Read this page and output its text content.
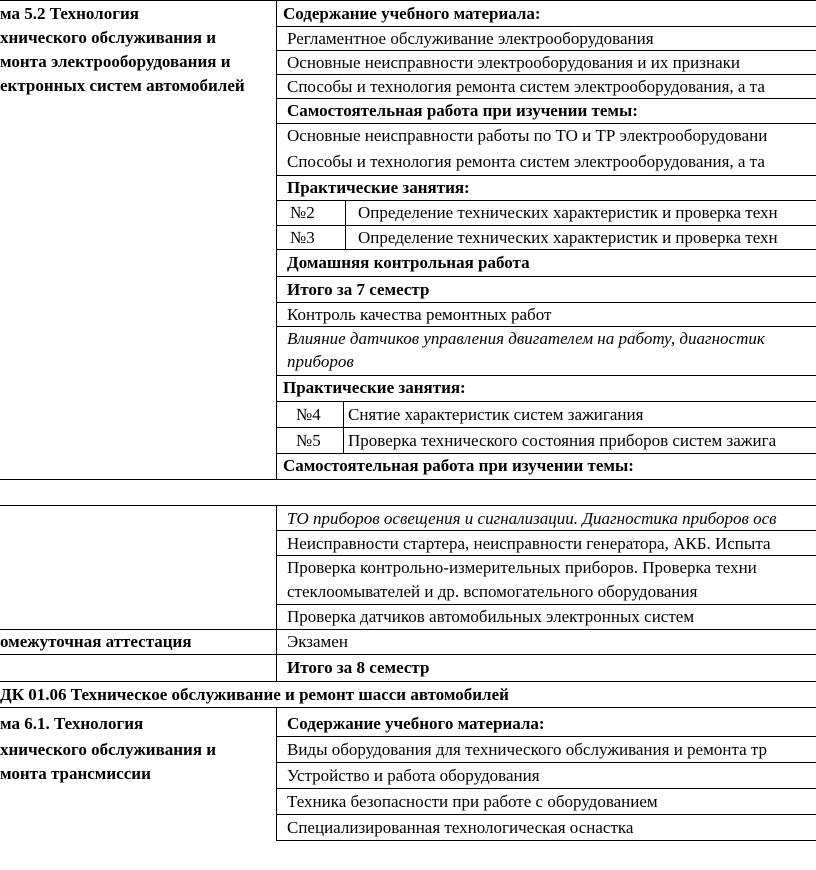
ма 5.2 Технология
хнического обслуживания и
монта электрооборудования и
ектронных систем автомобилей
Содержание учебного материала:
Регламентное обслуживание электрооборудования
Основные неисправности электрооборудования и их признаки
Способы и технология ремонта систем электрооборудования, а та
Самостоятельная работа при изучении темы:
Основные неисправности работы по ТО и ТР электрооборудовани
Способы и технология ремонта систем электрооборудования, а та
Практические занятия:
№2	Определение технических характеристик и проверка техн
№3	Определение технических характеристик и проверка техн
Домашняя контрольная работа
Итого за 7 семестр
Контроль качества ремонтных работ
Влияние датчиков управления двигателем на работу, диагностик
приборов
Практические занятия:
№4 Снятие характеристик систем зажигания
№5 Проверка технического состояния приборов систем зажига
Самостоятельная работа при изучении темы:
ТО приборов освещения и сигнализации. Диагностика приборов осв
Неисправности стартера, неисправности генератора, АКБ. Испыта
Проверка контрольно-измерительных приборов. Проверка техни
стеклоомывателей и др. вспомогательного оборудования
Проверка датчиков автомобильных электронных систем
омежуточная аттестация	Экзамен
Итого за 8 семестр
ДК 01.06 Техническое обслуживание и ремонт шасси автомобилей
ма 6.1. Технология
хнического обслуживания и
монта трансмиссии
Содержание учебного материала:
Виды оборудования для технического обслуживания и ремонта тр
Устройство и работа оборудования
Техника безопасности при работе с оборудованием
Специализированная технологическая оснастка
